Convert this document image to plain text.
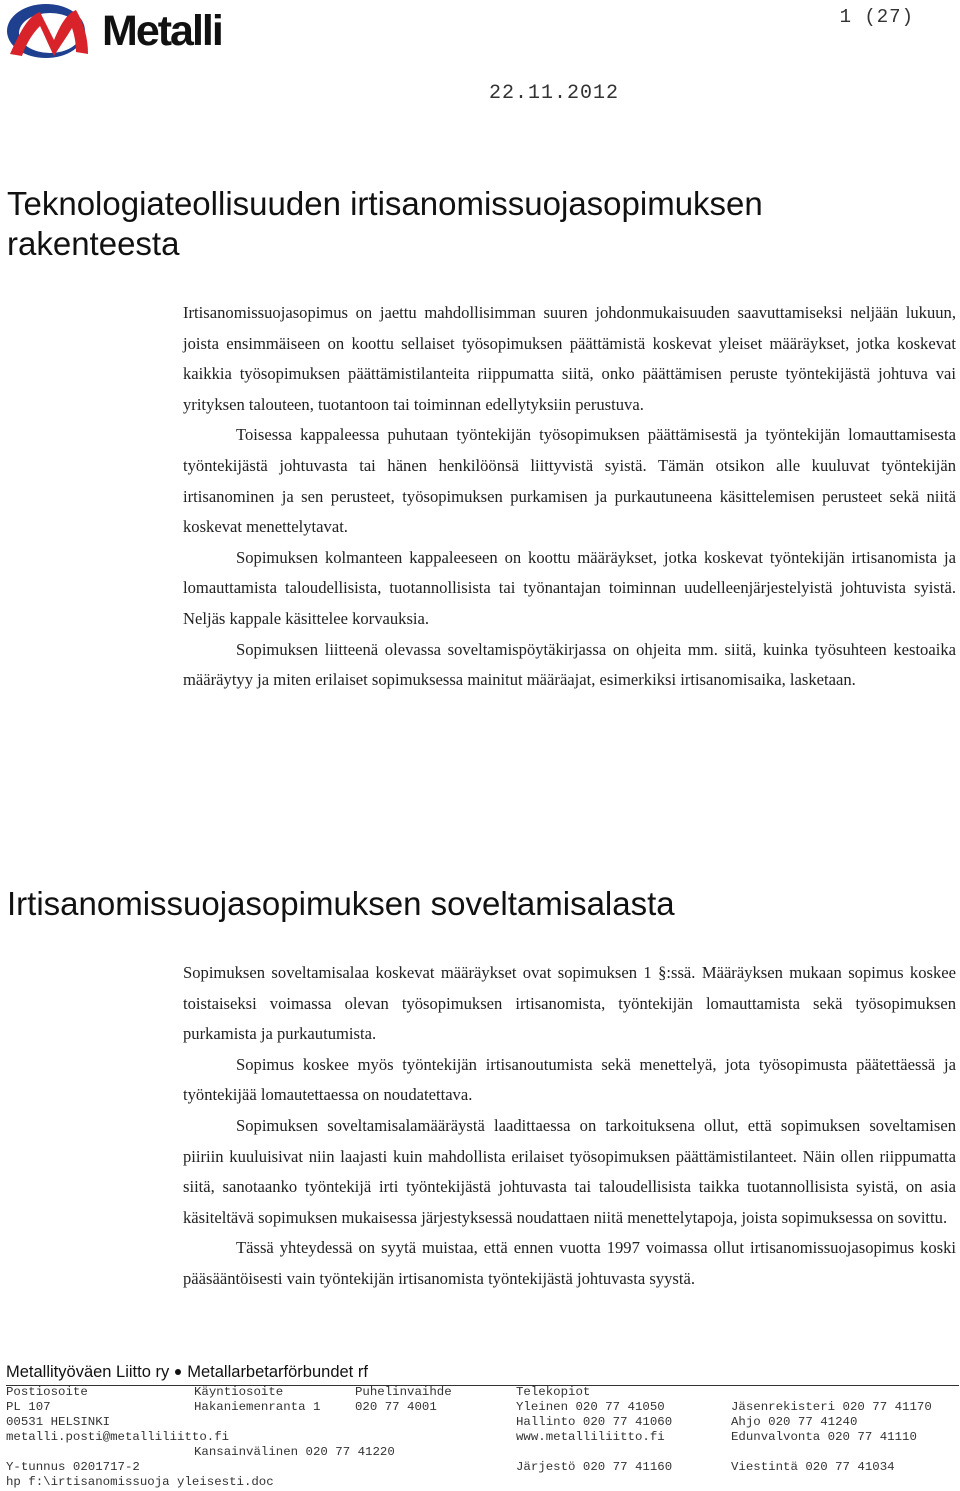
Metalli	1 (27)
22.11.2012
Teknologiateollisuuden irtisanomissuojasopimuksen
rakenteesta

Irtisanomissuojasopimus on jaettu mahdollisimman suuren johdonmukaisuuden saavuttamiseksi neljään lukuun, joista ensimmäiseen on koottu sellaiset työsopimuksen päättämistä koskevat yleiset määräykset, jotka koskevat kaikkia työsopimuksen päättämistilanteita riippumatta siitä, onko päättämisen peruste työntekijästä johtuva vai yrityksen talouteen, tuotantoon tai toiminnan edellytyksiin perustuva.

Toisessa kappaleessa puhutaan työntekijän työsopimuksen päättämisestä ja työntekijän lomauttamisesta työntekijästä johtuvasta tai hänen henkilöönsä liittyvistä syistä. Tämän otsikon alle kuuluvat työntekijän irtisanominen ja sen perusteet, työsopimuksen purkamisen ja purkautuneena käsittelemisen perusteet sekä niitä koskevat menettelytavat.

Sopimuksen kolmanteen kappaleeseen on koottu määräykset, jotka koskevat työntekijän irtisanomista ja lomauttamista taloudellisista, tuotannollisista tai työnantajan toiminnan uudelleenjärjestelyistä johtuvista syistä. Neljäs kappale käsittelee korvauksia.

Sopimuksen liitteenä olevassa soveltamispöytäkirjassa on ohjeita mm. siitä, kuinka työsuhteen kestoaika määräytyy ja miten erilaiset sopimuksessa mainitut määräajat, esimerkiksi irtisanomisaika, lasketaan.

Irtisanomissuojasopimuksen soveltamisalasta

Sopimuksen soveltamisalaa koskevat määräykset ovat sopimuksen 1 §:ssä. Määräyksen mukaan sopimus koskee toistaiseksi voimassa olevan työsopimuksen irtisanomista, työntekijän lomauttamista sekä työsopimuksen purkamista ja purkautumista.

Sopimus koskee myös työntekijän irtisanoutumista sekä menettelyä, jota työsopimusta päätettäessä ja työntekijää lomautettaessa on noudatettava.

Sopimuksen soveltamisalamääräystä laadittaessa on tarkoituksena ollut, että sopimuksen soveltamisen piiriin kuuluisivat niin laajasti kuin mahdollista erilaiset työsopimuksen päättämistilanteet. Näin ollen riippumatta siitä, sanotaanko työntekijä irti työntekijästä johtuvasta tai taloudellisista taikka tuotannollisista syistä, on asia käsiteltävä sopimuksen mukaisessa järjestyksessä noudattaen niitä menettelytapoja, joista sopimuksessa on sovittu.

Tässä yhteydessä on syytä muistaa, että ennen vuotta 1997 voimassa ollut irtisanomissuojasopimus koski pääsääntöisesti vain työntekijän irtisanomista työntekijästä johtuvasta syystä.

Metallityöväen Liitto ry Metallarbetarförbundet rf
Postiosoite
PL 107
00531 HELSINKI
metalli.posti@metalliliitto.fi
Y-tunnus 0201717-2
hp f:\irtisanomissuoja yleisesti.doc
Käyntiosoite
Hakaniemenranta 1
Kansainvälinen 020 77 41220
Puhelinvaihde
020 77 4001
Telekopiot
Yleinen 020 77 41050
Hallinto 020 77 41060
www.metalliliitto.fi
Järjestö 020 77 41160
Jäsenrekisteri 020 77 41170
Ahjo 020 77 41240
Edunvalvonta 020 77 41110
Viestintä 020 77 41034
